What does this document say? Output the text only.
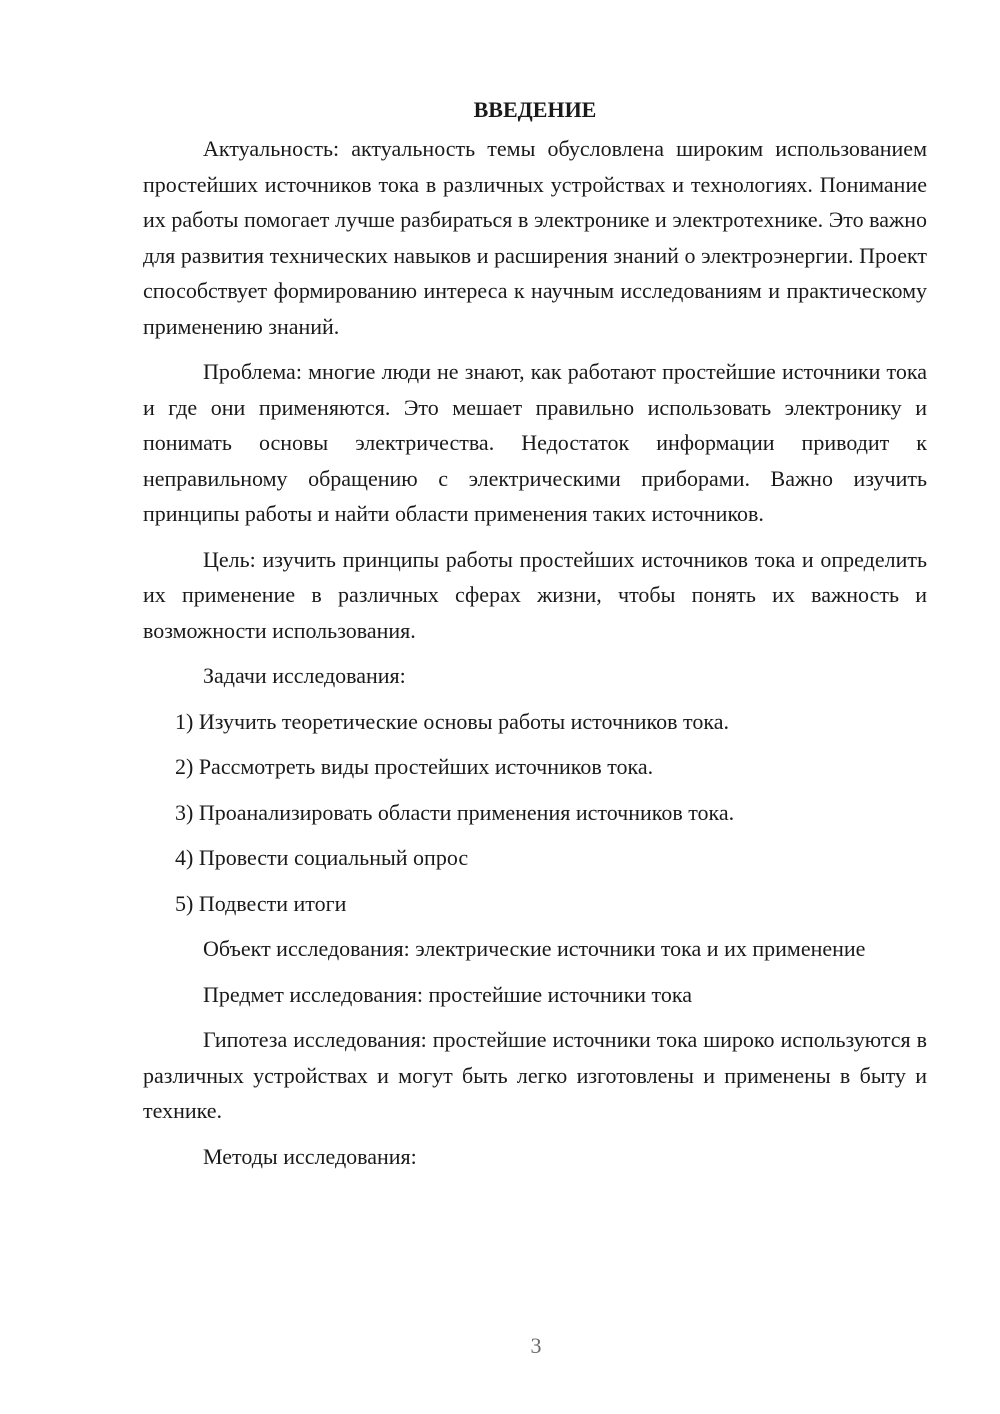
ВВЕДЕНИЕ

Актуальность: актуальность темы обусловлена широким использованием простейших источников тока в различных устройствах и технологиях. Понимание их работы помогает лучше разбираться в электронике и электротехнике. Это важно для развития технических навыков и расширения знаний о электроэнергии. Проект способствует формированию интереса к научным исследованиям и практическому применению знаний.

Проблема: многие люди не знают, как работают простейшие источники тока и где они применяются. Это мешает правильно использовать электронику и понимать основы электричества. Недостаток информации приводит к неправильному обращению с электрическими приборами. Важно изучить принципы работы и найти области применения таких источников.

Цель: изучить принципы работы простейших источников тока и определить их применение в различных сферах жизни, чтобы понять их важность и возможности использования.

Задачи исследования:

1) Изучить теоретические основы работы источников тока.

2) Рассмотреть виды простейших источников тока.

3) Проанализировать области применения источников тока.

4) Провести социальный опрос

5) Подвести итоги

Объект исследования: электрические источники тока и их применение

Предмет исследования: простейшие источники тока

Гипотеза исследования: простейшие источники тока широко используются в различных устройствах и могут быть легко изготовлены и применены в быту и технике.

Методы исследования:

3
